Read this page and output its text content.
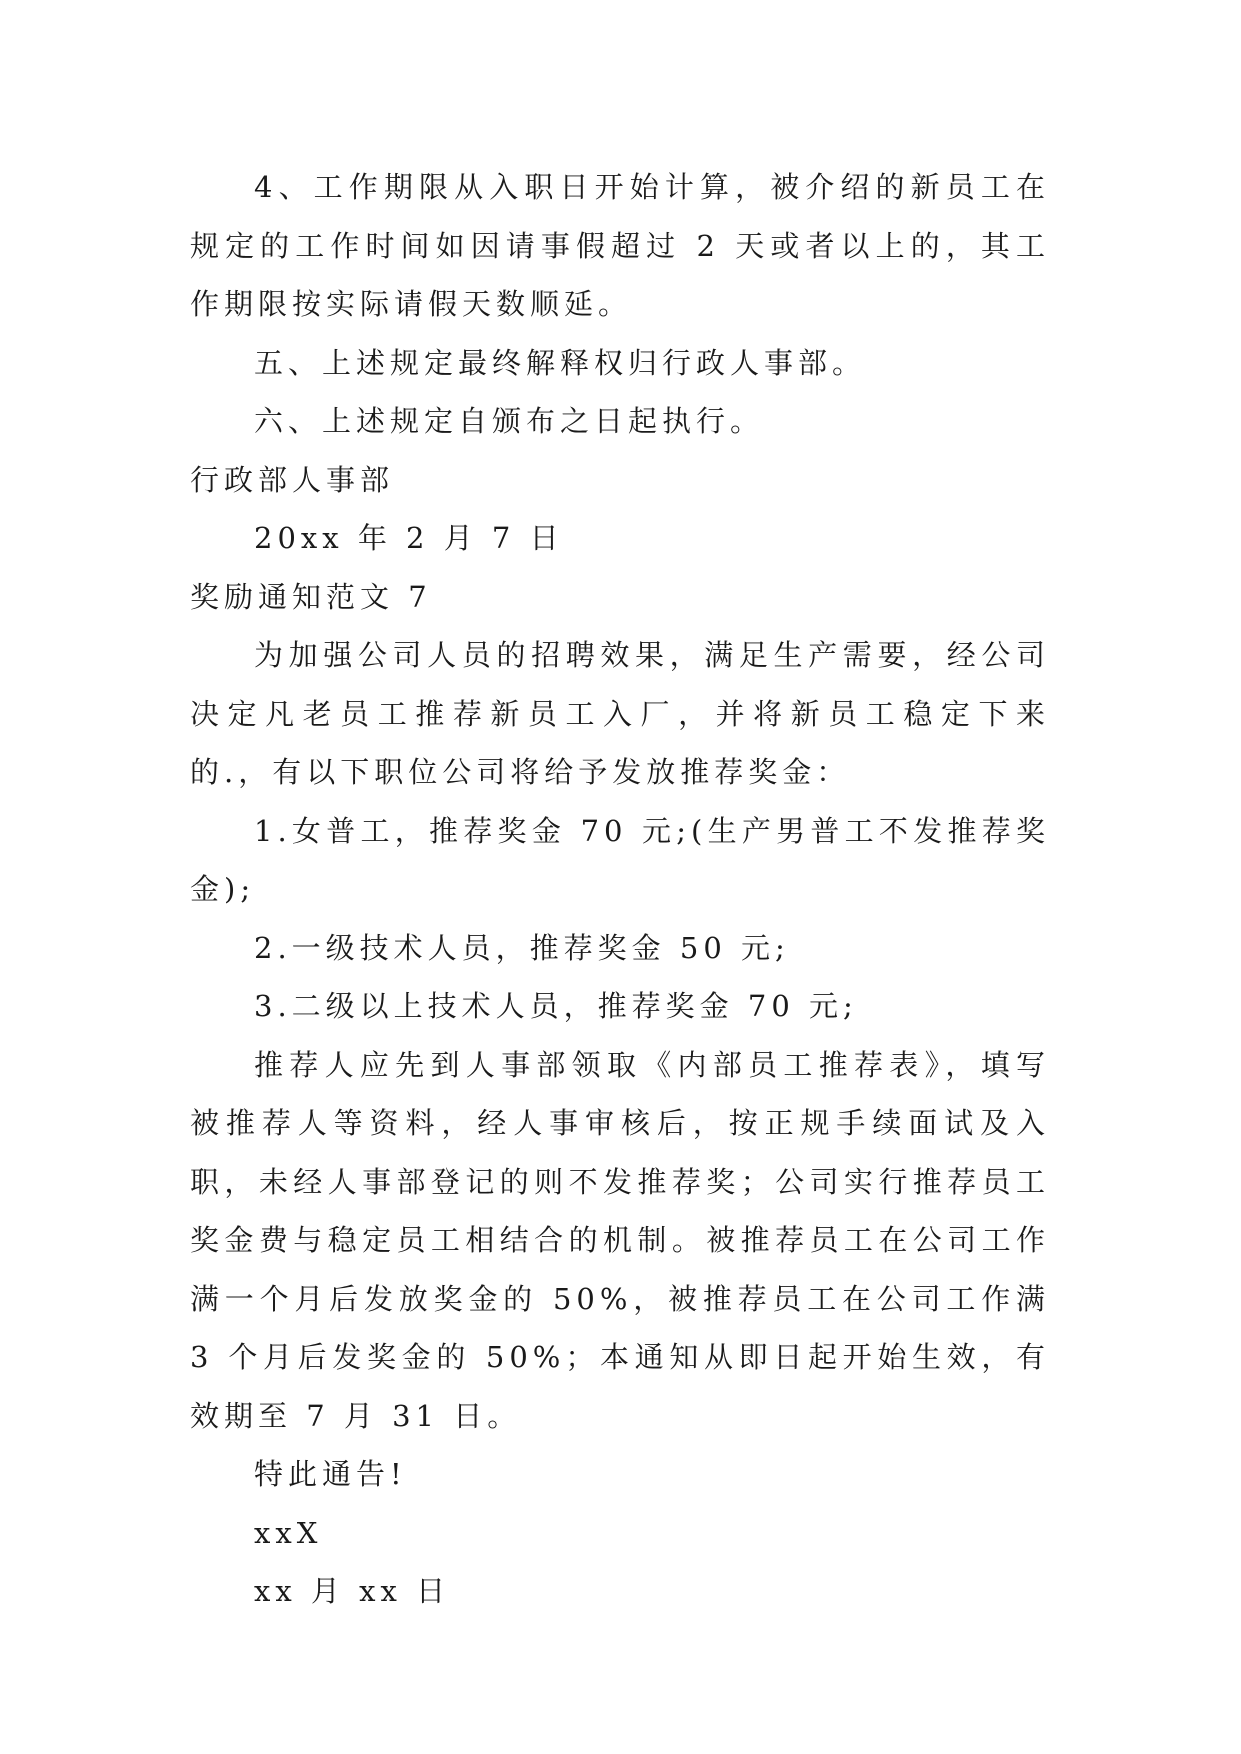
4、工作期限从入职日开始计算，被介绍的新员工在规定的工作时间如因请事假超过 2 天或者以上的，其工作期限按实际请假天数顺延。

五、上述规定最终解释权归行政人事部。

六、上述规定自颁布之日起执行。

行政部人事部

20xx 年 2 月 7 日

奖励通知范文 7

为加强公司人员的招聘效果，满足生产需要，经公司决定凡老员工推荐新员工入厂，并将新员工稳定下来的.，有以下职位公司将给予发放推荐奖金：

1.女普工，推荐奖金 70 元;(生产男普工不发推荐奖金);

2.一级技术人员，推荐奖金 50 元;

3.二级以上技术人员，推荐奖金 70 元;

推荐人应先到人事部领取《内部员工推荐表》，填写被推荐人等资料，经人事审核后，按正规手续面试及入职，未经人事部登记的则不发推荐奖；公司实行推荐员工奖金费与稳定员工相结合的机制。被推荐员工在公司工作满一个月后发放奖金的 50%，被推荐员工在公司工作满 3 个月后发奖金的 50%；本通知从即日起开始生效，有效期至 7 月 31 日。

特此通告!

xxX

xx 月 xx 日
